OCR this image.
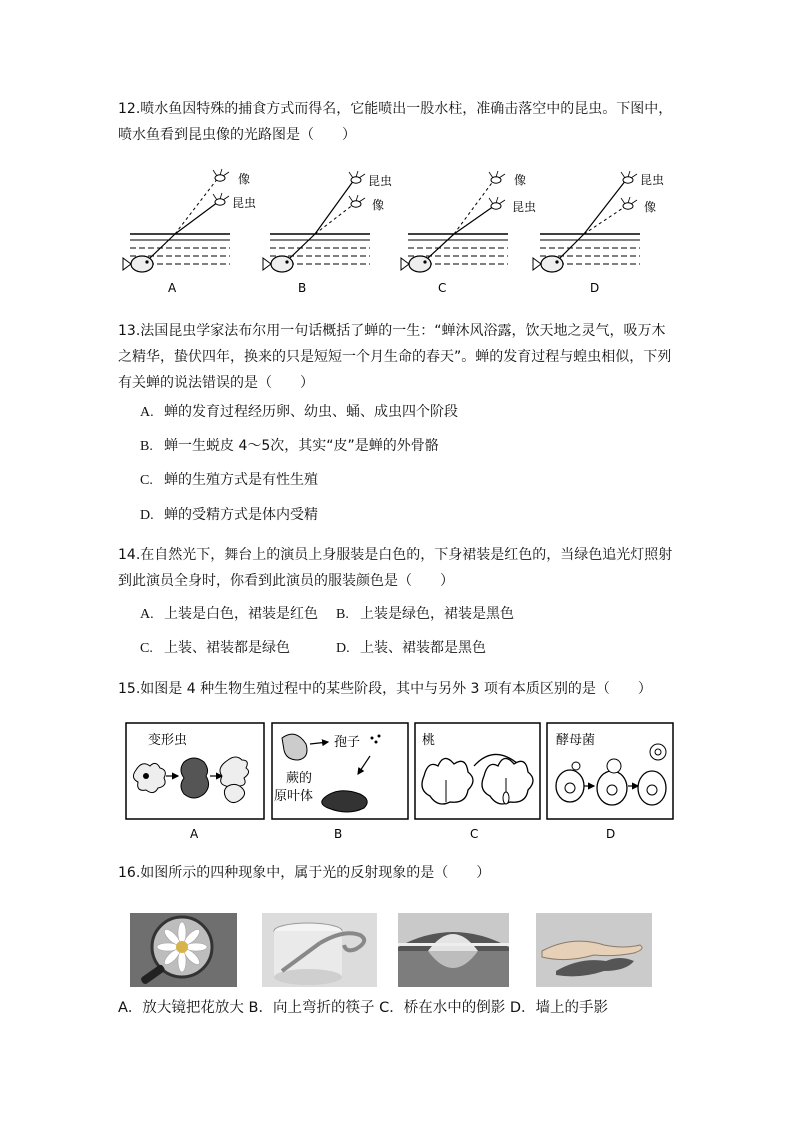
12.喷水鱼因特殊的捕食方式而得名，它能喷出一股水柱，准确击落空中的昆虫。下图中，喷水鱼看到昆虫像的光路图是（　　）
像
昆虫
A
昆虫
像
B
像
昆虫
C
昆虫
像
D
13.法国昆虫学家法布尔用一句话概括了蝉的一生：“蝉沐风浴露，饮天地之灵气，吸万木之精华，蛰伏四年，换来的只是短短一个月生命的春天”。蝉的发育过程与蝗虫相似，下列有关蝉的说法错误的是（　　）
A. 蝉的发育过程经历卵、幼虫、蛹、成虫四个阶段
B. 蝉一生蜕皮 4～5次，其实“皮”是蝉的外骨骼
C. 蝉的生殖方式是有性生殖
D. 蝉的受精方式是体内受精
14.在自然光下，舞台上的演员上身服装是白色的，下身裙装是红色的，当绿色追光灯照射到此演员全身时，你看到此演员的服装颜色是（　　）
A. 上装是白色，裙装是红色 B. 上装是绿色，裙装是黑色
C. 上装、裙装都是绿色	D. 上装、裙装都是黑色
15.如图是 4 种生物生殖过程中的某些阶段，其中与另外 3 项有本质区别的是（　　）
变形虫
A
孢子
蕨的
原叶体
B
桃
C
酵母菌
D
16.如图所示的四种现象中，属于光的反射现象的是（　　）
A．放大镜把花放大 B．向上弯折的筷子 C．桥在水中的倒影 D．墙上的手影
